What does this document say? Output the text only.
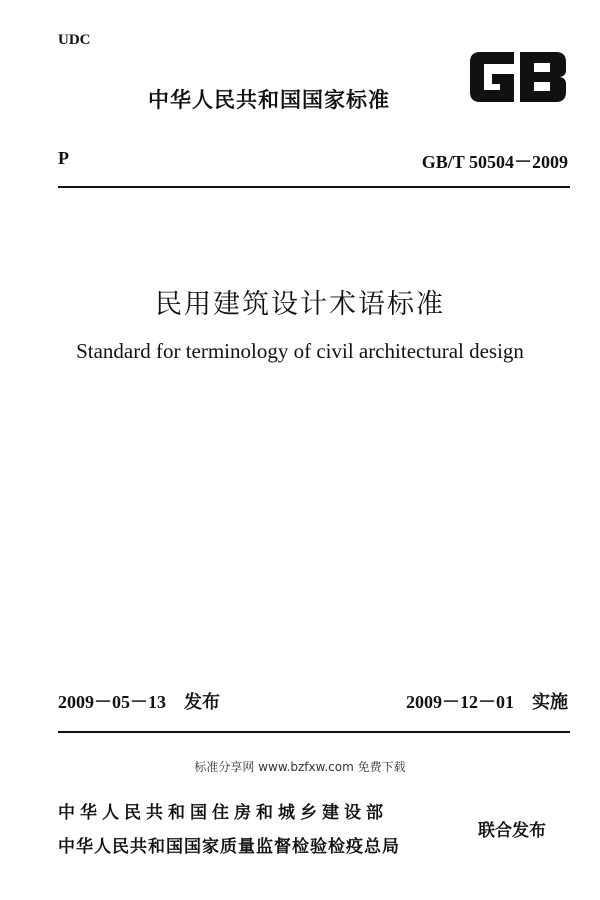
UDC
中华人民共和国国家标准
GB
P	GB/T 50504－2009
民用建筑设计术语标准
Standard for terminology of civil architectural design
2009－05－13　发布	2009－12－01　实施
标准分享网 www.bzfxw.com 免费下载
中华人民共和国住房和城乡建设部
中华人民共和国国家质量监督检验检疫总局
联合发布
